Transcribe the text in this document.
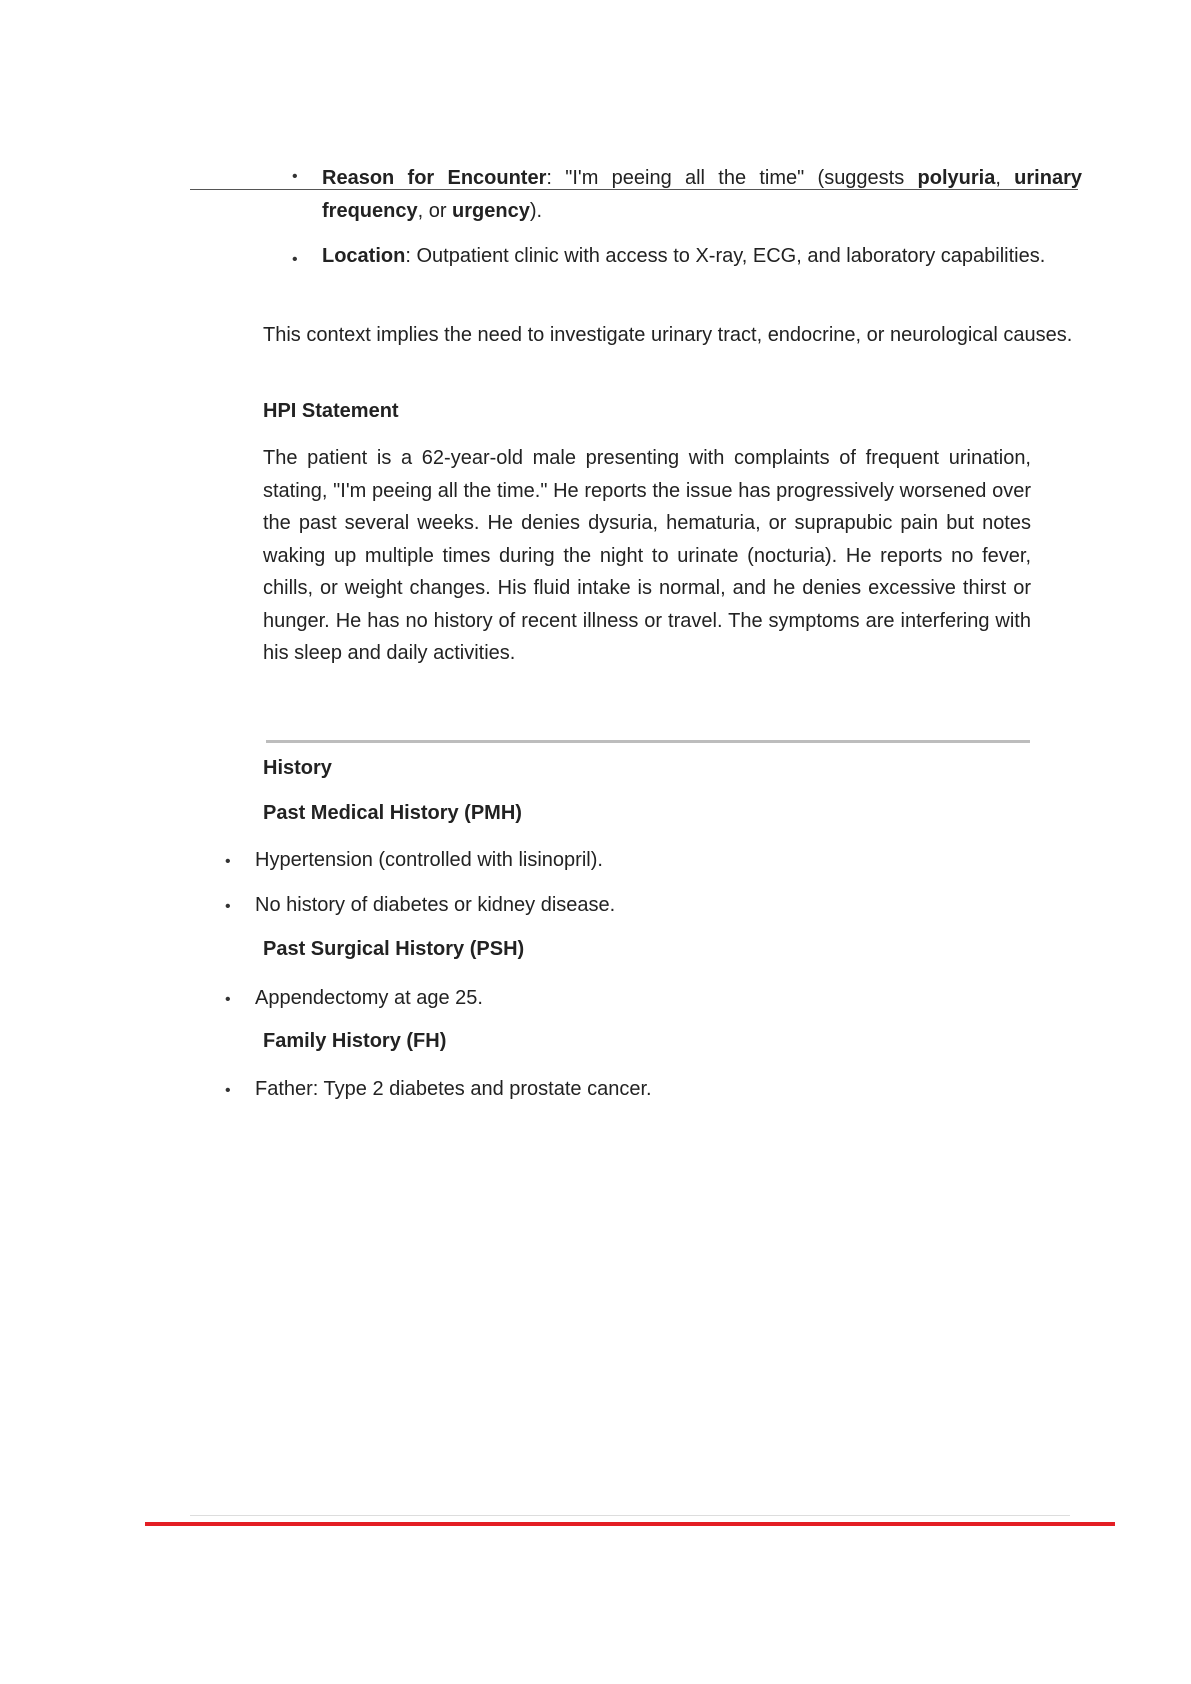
• Reason for Encounter: "I'm peeing all the time" (suggests polyuria, urinary frequency, or urgency).
• Location: Outpatient clinic with access to X-ray, ECG, and laboratory capabilities.
This context implies the need to investigate urinary tract, endocrine, or neurological causes.
HPI Statement
The patient is a 62-year-old male presenting with complaints of frequent urination, stating, "I'm peeing all the time." He reports the issue has progressively worsened over the past several weeks. He denies dysuria, hematuria, or suprapubic pain but notes waking up multiple times during the night to urinate (nocturia). He reports no fever, chills, or weight changes. His fluid intake is normal, and he denies excessive thirst or hunger. He has no history of recent illness or travel. The symptoms are interfering with his sleep and daily activities.
History
Past Medical History (PMH)
• Hypertension (controlled with lisinopril).
• No history of diabetes or kidney disease.
Past Surgical History (PSH)
• Appendectomy at age 25.
Family History (FH)
• Father: Type 2 diabetes and prostate cancer.
